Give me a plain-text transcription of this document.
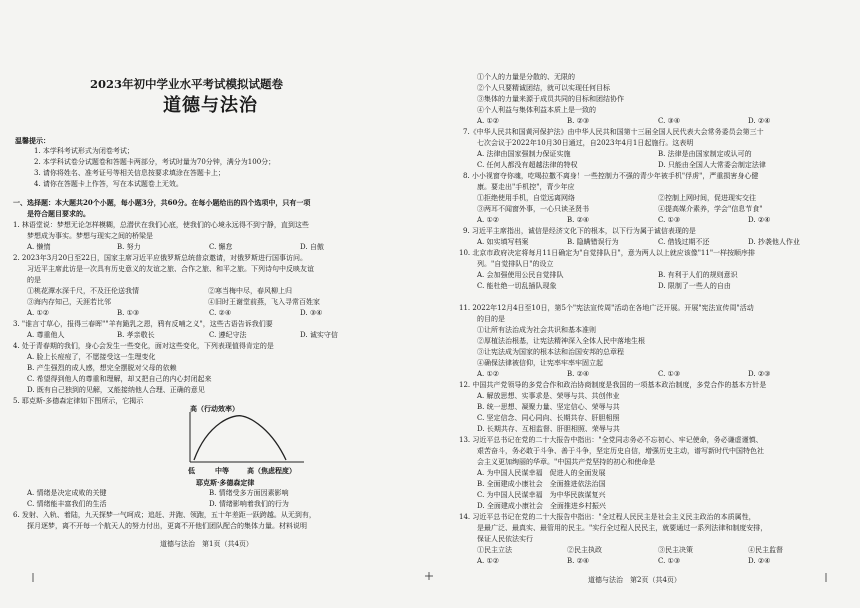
2023年初中学业水平考试模拟试题卷
道德与法治
温馨提示：
1. 本学科考试形式为闭卷考试；
2. 本学科试卷分试题卷和答题卡两部分，考试时量为70分钟，满分为100分；
3. 请你将姓名、准考证号等相关信息按要求填涂在答题卡上；
4. 请你在答题卡上作答，写在本试题卷上无效。
一、选择题：本大题共20个小题，每小题3分，共60分。在每小题给出的四个选项中，只有一项
是符合题目要求的。
1. 林语堂说：梦想无论怎样模糊，总潜伏在我们心底，使我们的心境永远得不到宁静，直到这些
梦想成为事实。梦想与现实之间的桥梁是
A. 懒惰	B. 努力	C. 懈怠	D. 自傲
2. 2023年3月20日至22日，国家主席习近平应俄罗斯总统普京邀请，对俄罗斯进行国事访问。
习近平主席此访是一次具有历史意义的友谊之旅、合作之旅、和平之旅。下列诗句中反映友谊
的是
①桃花潭水深千尺，不及汪伦送我情	②寒当梅中尽，春风柳上归
③海内存知己，天涯若比邻	④旧时王谢堂前燕，飞入寻常百姓家
A. ①②	B. ①③	C. ②④	D. ③④
3. "谁言寸草心，报得三春晖""羊有跪乳之恩，鸦有反哺之义"，这些古语告诉我们要
A. 尊重他人	B. 孝亲敬长	C. 遵纪守法	D. 诚实守信
4. 处于青春期的我们，身心会发生一些变化，面对这些变化，下列表现值得肯定的是
A. 脸上长痘痘了，不愿接受这一生理变化
B. 产生强烈的成人感，想完全摆脱对父母的依赖
C. 希望得到他人的尊重和理解，却又把自己的内心封闭起来
D. 既有自己独到的见解，又能接纳他人合理、正确的意见
5. 耶克斯-多德森定律如下图所示，它揭示
高（行动效率）
低	中等	高（焦虑程度）
耶克斯·多德森定律
A. 情绪是决定成败的关键	B. 情绪受多方面因素影响
C. 情绪能丰富我们的生活	D. 情绪影响着我们的行为
6. 发射、入轨、着陆，九天探梦一气呵成；追赶、并跑、领跑，五十年差距一跃跨越。从无到有，
探月逐梦，离不开每一个航天人的努力付出，更离不开他们团队配合的集体力量。材料说明
道德与法治　第1页（共4页）
①个人的力量是分散的、无限的
②个人只要精诚团结，就可以实现任何目标
③集体的力量来源于成员共同的目标和团结协作
④个人利益与集体利益本质上是一致的
A. ①②	B. ②③	C. ③④	D. ②④
7.《中华人民共和国黄河保护法》由中华人民共和国第十三届全国人民代表大会常务委员会第三十
七次会议于2022年10月30日通过，自2023年4月1日起施行。这表明
A. 法律由国家强制力保证实施	B. 法律是由国家制定或认可的
C. 任何人都没有超越法律的特权	D. 只能由全国人大常委会制定法律
8. 小小视窗夺你魂，吃喝拉撒不离身！一些控制力不强的青少年被手机"俘虏"，严重损害身心健
康。要走出"手机控"，青少年应
①拒绝使用手机，自觉远离网络	②控制上网时间，促进现实交往
③两耳不闻窗外事，一心只读圣贤书	④提高媒介素养，学会"信息节食"
A. ①②	B. ②④	C. ①③	D. ②④
9. 习近平主席指出，诚信是经济文化下的根本，以下行为属于诚信表现的是
A. 如实填写档案	B. 隐瞒错误行为	C. 借钱过期不还	D. 抄袭他人作业
10. 北京市政府决定将每月11日确定为"自觉排队日"，意为两人以上就应该像"11"一样按顺序排
列。"自觉排队日"的设立
A. 会加强使用公民自觉排队	B. 有利于人们的规则意识
C. 能杜绝一切乱插队现象	D. 限制了一些人的自由
11. 2022年12月4日至10日，第5个"宪法宣传周"活动在各地广泛开展。开展"宪法宣传周"活动
的目的是
①让所有法治成为社会共识和基本准则
②厚植法治根基，让宪法精神深入全体人民中落地生根
③让宪法成为国家的根本法和治国安邦的总章程
④确保法律被信仰，让宪率牢率牢固立起
A. ①②	B. ②④	C. ①③	D. ②③
12. 中国共产党领导的多党合作和政治协商制度是我国的一项基本政治制度，多党合作的基本方针是
A. 解放思想、实事求是、荣辱与共、共创伟业
B. 统一思想、凝聚力量、坚定信心、荣辱与共
C. 坚定信念、同心同向、长期共存、肝胆相照
D. 长期共存、互相监督、肝胆相照、荣辱与共
13. 习近平总书记在党的二十大报告中指出："全党同志务必不忘初心、牢记使命，务必谦虚谨慎、
艰苦奋斗，务必敢于斗争、善于斗争，坚定历史自信，增强历史主动，谱写新时代中国特色社
会主义更加绚丽的华章。"中国共产党坚持的初心和使命是
A. 为中国人民谋幸福　促进人的全面发展
B. 全面建成小康社会　全面推进依法治国
C. 为中国人民谋幸福　为中华民族谋复兴
D. 全面建成小康社会　全面推进乡村振兴
14. 习近平总书记在党的二十大报告中指出："全过程人民民主是社会主义民主政治的本质属性，
是最广泛、最真实、最管用的民主。"实行全过程人民民主，就要通过一系列法律和制度安排，
保证人民依法实行
①民主立法	②民主执政	③民主决策	④民主监督
A. ①②	B. ②④	C. ①③	D. ②④
道德与法治　第2页（共4页）
